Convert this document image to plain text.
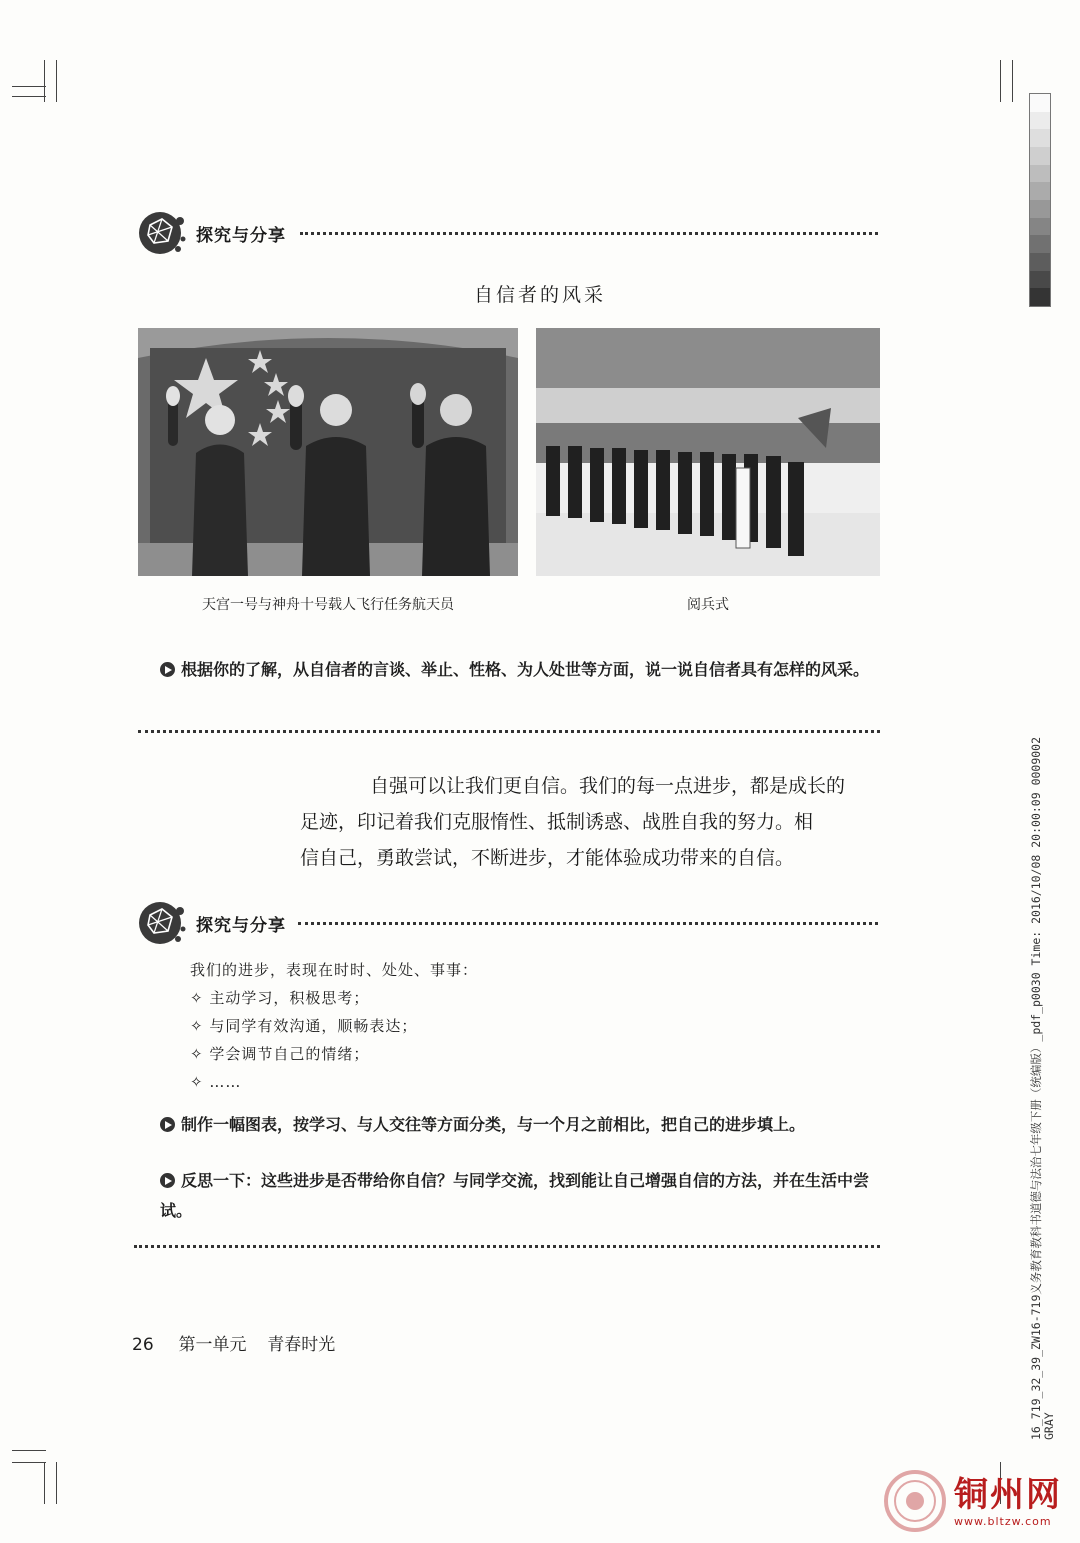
探究与分享
自信者的风采
天宫一号与神舟十号载人飞行任务航天员	阅兵式
根据你的了解，从自信者的言谈、举止、性格、为人处世等方面，说一说自信者具有怎样的风采。
自强可以让我们更自信。我们的每一点进步，都是成长的
足迹，印记着我们克服惰性、抵制诱惑、战胜自我的努力。相
信自己，勇敢尝试，不断进步，才能体验成功带来的自信。
探究与分享
我们的进步，表现在时时、处处、事事：
✧ 主动学习，积极思考；
✧ 与同学有效沟通，顺畅表达；
✧ 学会调节自己的情绪；
✧ ……
制作一幅图表，按学习、与人交往等方面分类，与一个月之前相比，把自己的进步填上。
反思一下：这些进步是否带给你自信？与同学交流，找到能让自己增强自信的方法，并在生活中尝试。
26 第一单元 青春时光	16_719_32_39_ZW16-719义务教育教科书道德与法治七年级下册（统编版）_pdf_p0030 Time: 2016/10/08 20:00:09 0009002 GRAY
铜州网
www.bltzw.com
